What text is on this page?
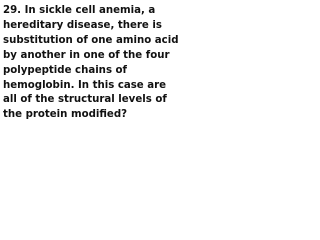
29. In sickle cell anemia, a
hereditary disease, there is
substitution of one amino acid
by another in one of the four
polypeptide chains of
hemoglobin. In this case are
all of the structural levels of
the protein modified?
